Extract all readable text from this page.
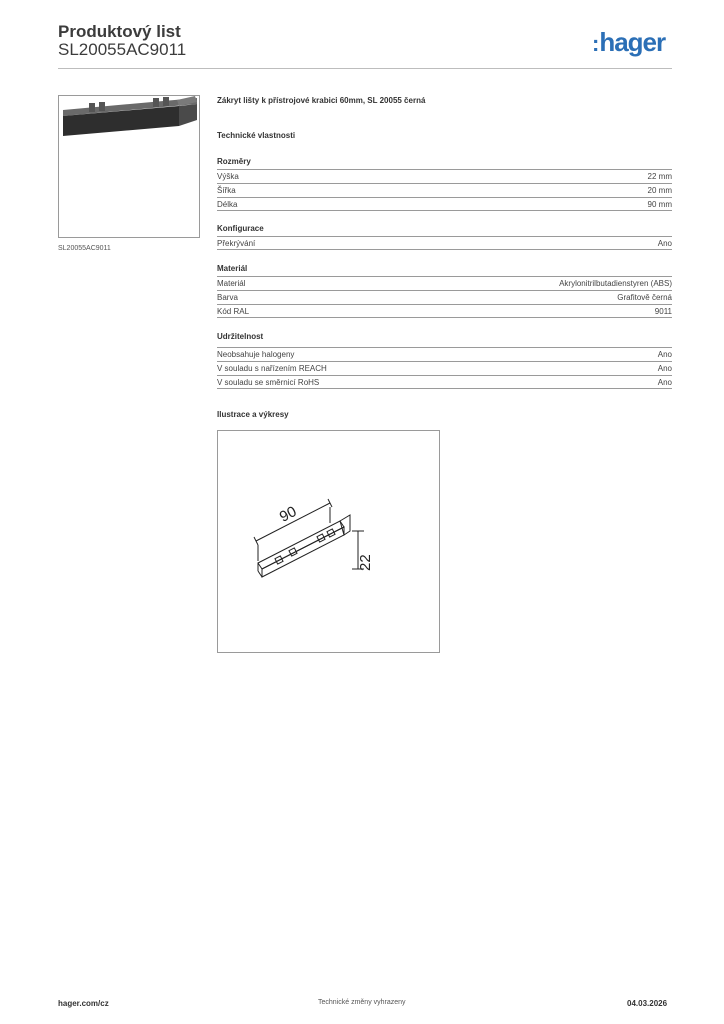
Produktový list
SL20055AC9011	:hager
SL20055AC9011
Zákryt lišty k přístrojové krabici 60mm, SL 20055 černá
Technické vlastnosti
Rozměry
Výška	22 mm
Šířka	20 mm
Délka	90 mm
Konfigurace
Překrývání	Ano
Materiál
Materiál	Akrylonitrilbutadienstyren (ABS)
Barva	Grafitově černá
Kód RAL	9011
Udržitelnost
Neobsahuje halogeny	Ano
V souladu s nařízením REACH	Ano
V souladu se směrnicí RoHS	Ano
Ilustrace a výkresy
90
22
hager.com/cz	Technické změny vyhrazeny	04.03.2026
